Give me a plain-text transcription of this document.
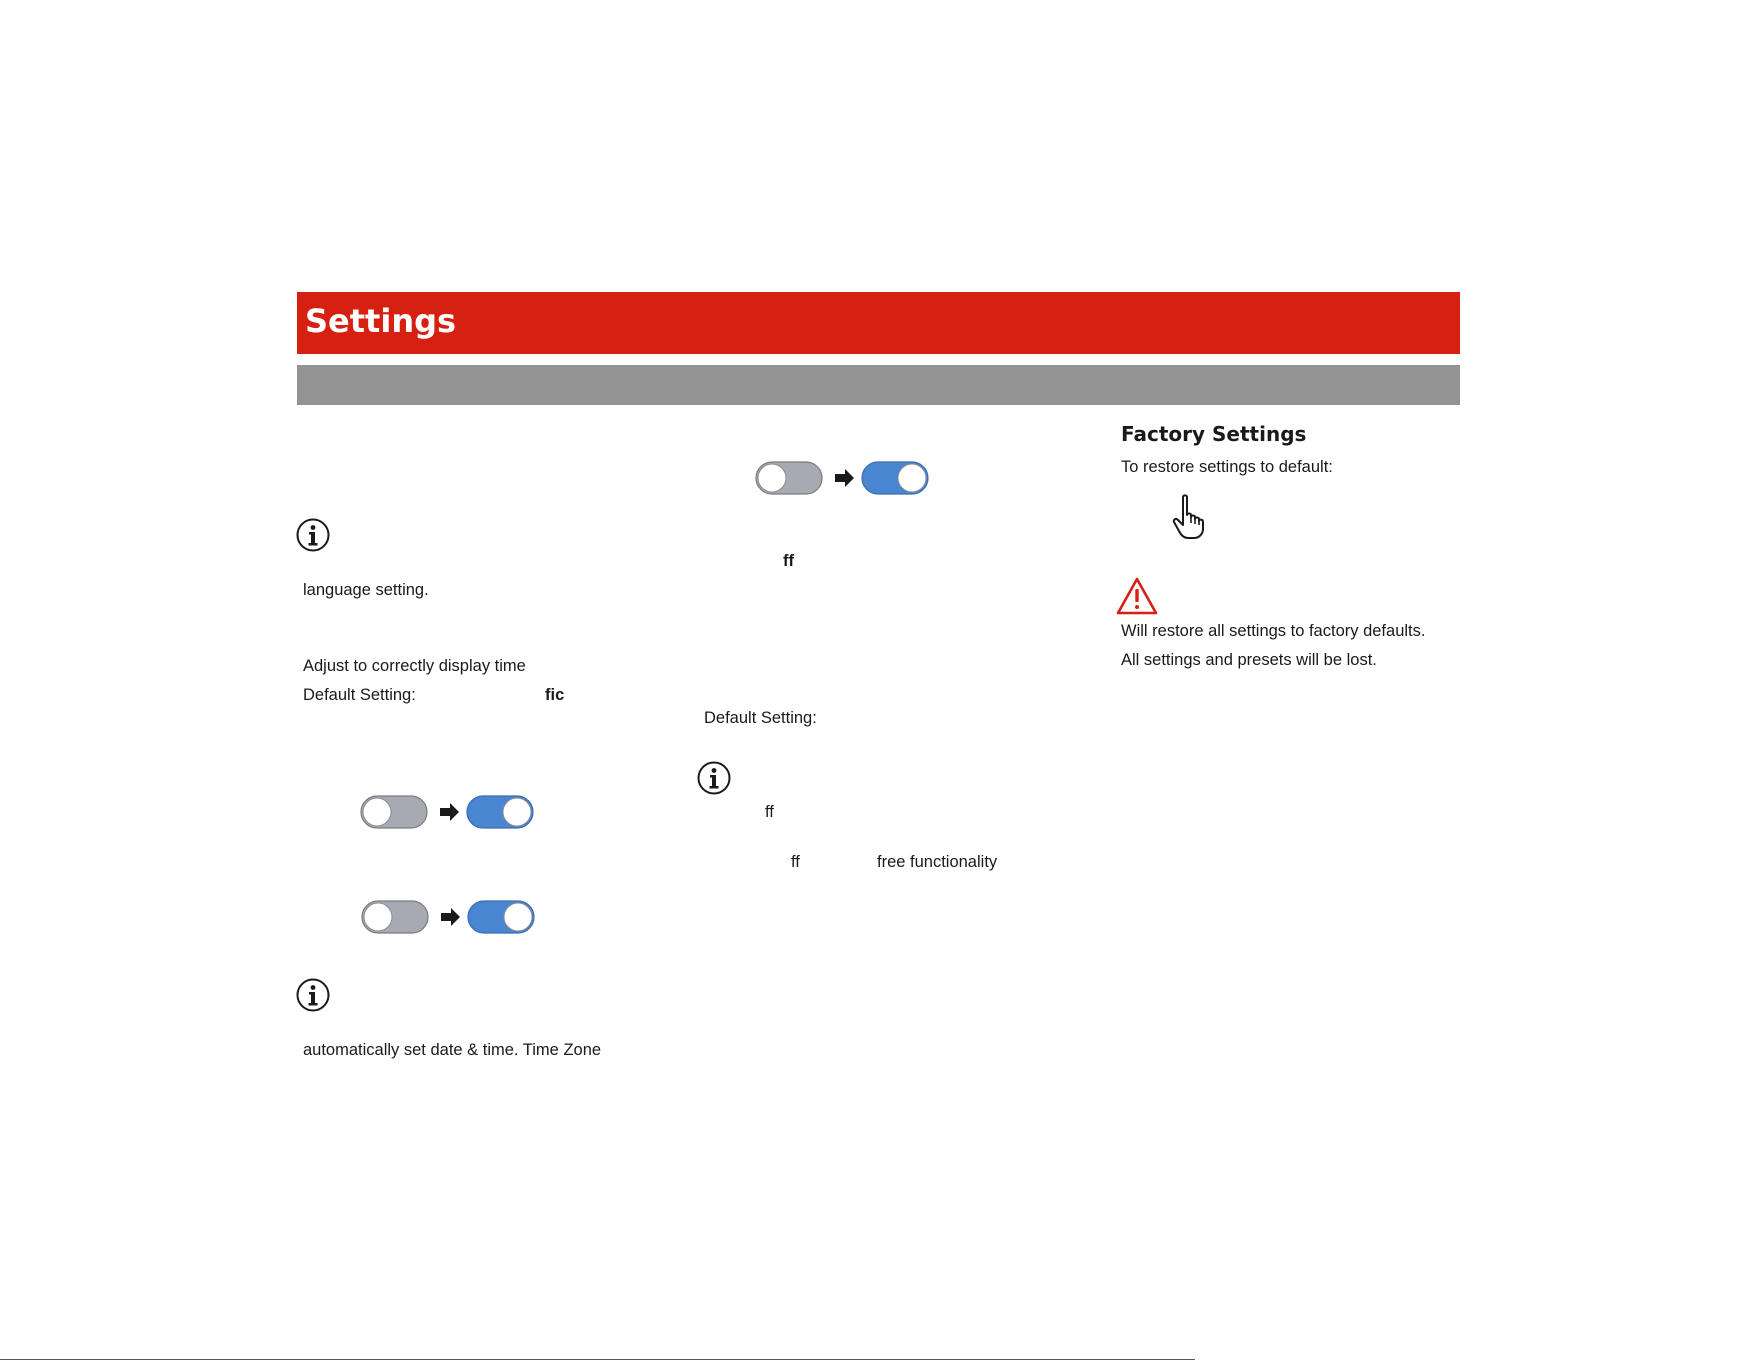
Settings
language setting.
Adjust to correctly display time
Default Setting:	fic
automatically set date & time. Time Zone
ff
Default Setting:
ff
ff	free functionality
Factory Settings
To restore settings to default:
Will restore all settings to factory defaults.
All settings and presets will be lost.
